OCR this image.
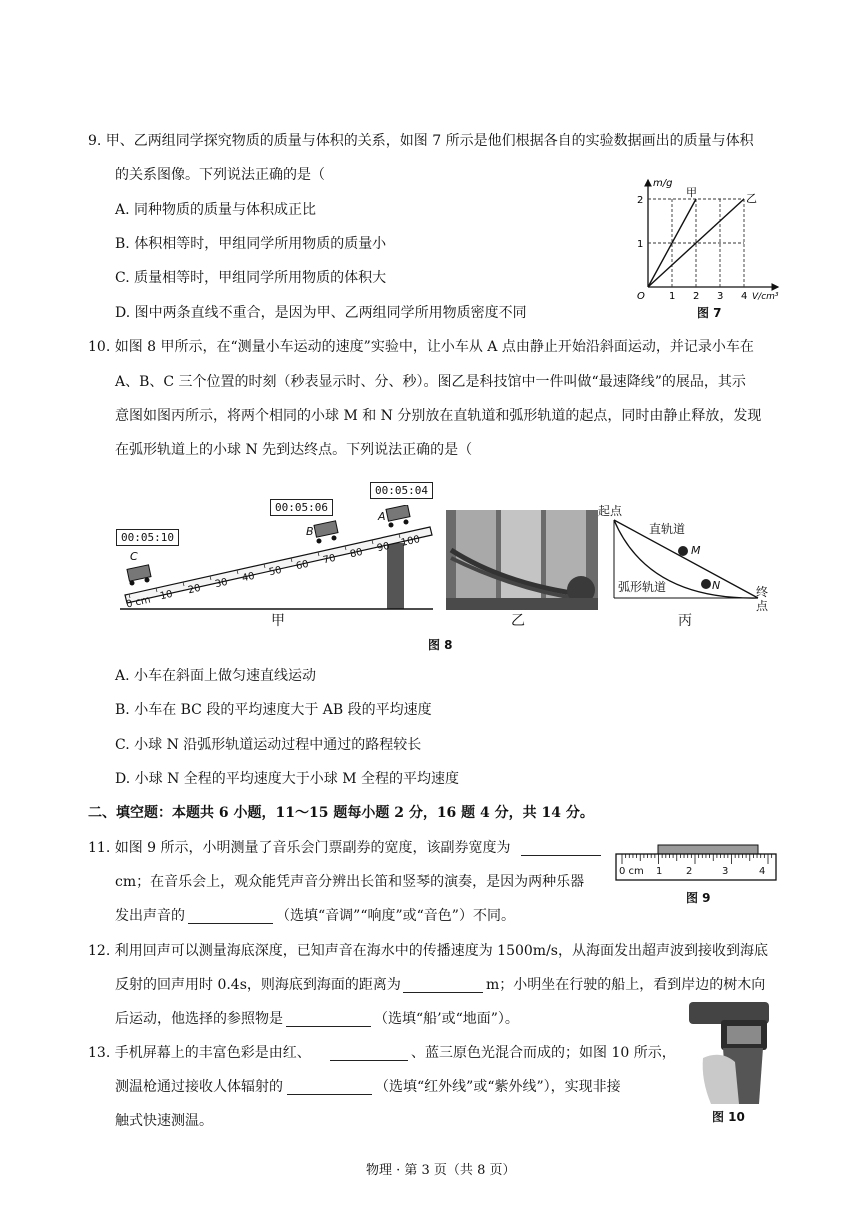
9. 甲、乙两组同学探究物质的质量与体积的关系，如图 7 所示是他们根据各自的实验数据画出的质量与体积
的关系图像。下列说法正确的是（
A. 同种物质的质量与体积成正比
B. 体积相等时，甲组同学所用物质的质量小
C. 质量相等时，甲组同学所用物质的体积大
D. 图中两条直线不重合，是因为甲、乙两组同学所用物质密度不同
m/g
甲	乙
2
1
O 1 2 3 4 V/cm³
图 7
10. 如图 8 甲所示，在“测量小车运动的速度”实验中，让小车从 A 点由静止开始沿斜面运动，并记录小车在
A、B、C 三个位置的时刻（秒表显示时、分、秒）。图乙是科技馆中一件叫做“最速降线”的展品，其示
意图如图丙所示，将两个相同的小球 M 和 N 分别放在直轨道和弧形轨道的起点，同时由静止释放，发现
在弧形轨道上的小球 N 先到达终点。下列说法正确的是（
00:05:10
00:05:06
00:05:04
C
B
A
0 cm 10 20 30 40 50 60 70 80 90 100
甲	乙
起点
直轨道
M
弧形轨道	N	终
点
丙
图 8
A. 小车在斜面上做匀速直线运动
B. 小车在 BC 段的平均速度大于 AB 段的平均速度
C. 小球 N 沿弧形轨道运动过程中通过的路程较长
D. 小球 N 全程的平均速度大于小球 M 全程的平均速度
二、填空题：本题共 6 小题，11～15 题每小题 2 分，16 题 4 分，共 14 分。
11. 如图 9 所示，小明测量了音乐会门票副券的宽度，该副券宽度为
cm；在音乐会上，观众能凭声音分辨出长笛和竖琴的演奏，是因为两种乐器
发出声音的	（选填“音调”“响度”或“音色”）不同。
0 cm 1 2	3	4
图 9
12. 利用回声可以测量海底深度，已知声音在海水中的传播速度为 1500m/s，从海面发出超声波到接收到海底
反射的回声用时 0.4s，则海底到海面的距离为	m；小明坐在行驶的船上，看到岸边的树木向
后运动，他选择的参照物是	（选填“船’或“地面”）。
13. 手机屏幕上的丰富色彩是由红、	、蓝三原色光混合而成的；如图 10 所示，
测温枪通过接收人体辐射的	（选填“红外线”或“紫外线”），实现非接
触式快速测温。	图 10
物理 · 第 3 页（共 8 页）
